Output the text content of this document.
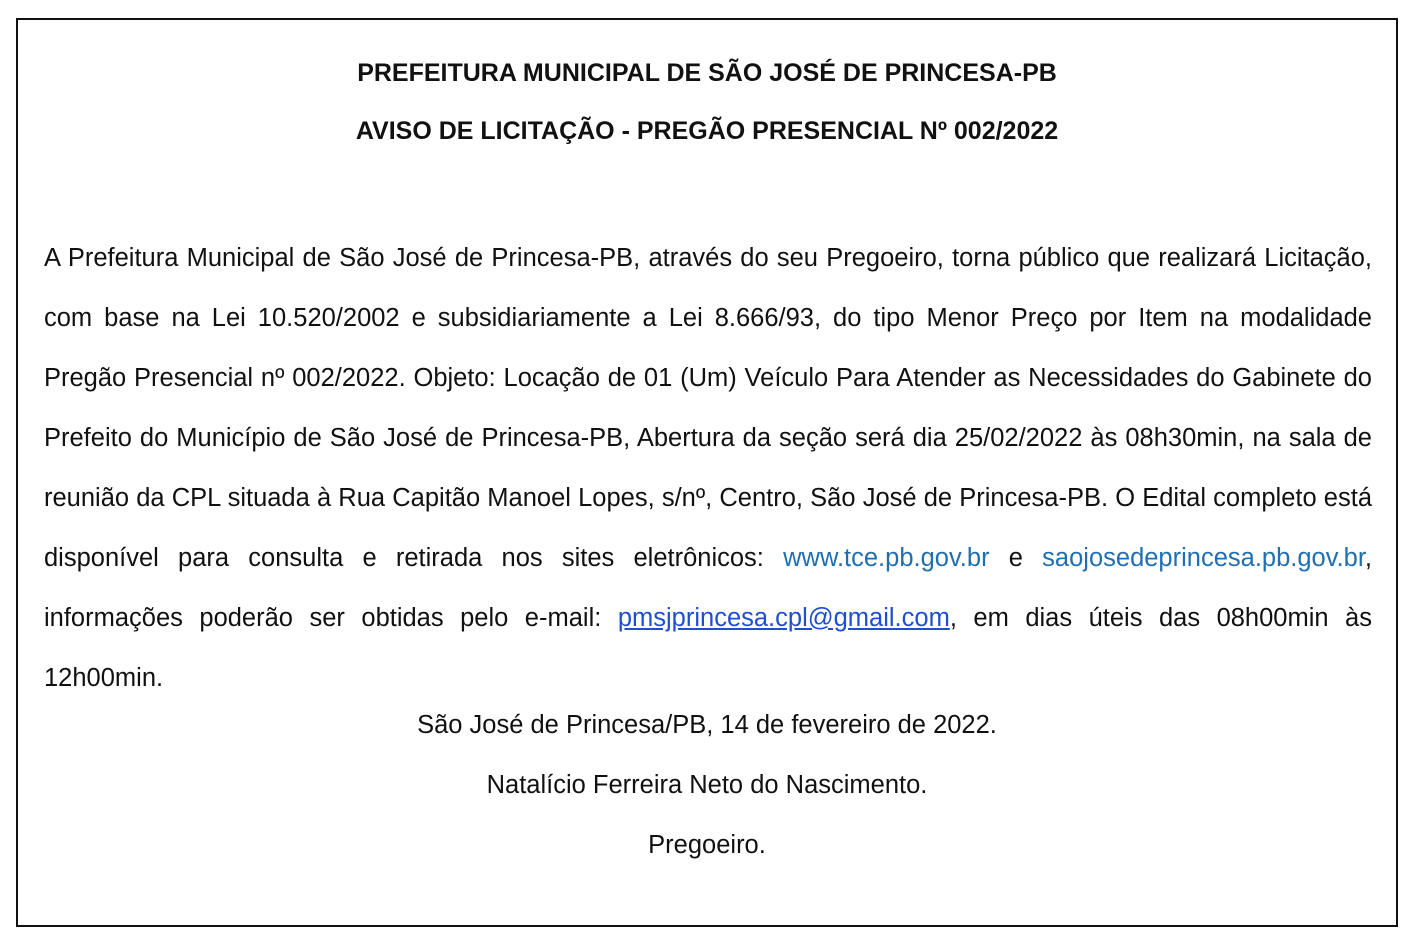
PREFEITURA MUNICIPAL DE SÃO JOSÉ DE PRINCESA-PB

AVISO DE LICITAÇÃO - PREGÃO PRESENCIAL Nº 002/2022

A Prefeitura Municipal de São José de Princesa-PB, através do seu Pregoeiro, torna público que realizará Licitação, com base na Lei 10.520/2002 e subsidiariamente a Lei 8.666/93, do tipo Menor Preço por Item na modalidade Pregão Presencial nº 002/2022. Objeto: Locação de 01 (Um) Veículo Para Atender as Necessidades do Gabinete do Prefeito do Município de São José de Princesa-PB, Abertura da seção será dia 25/02/2022 às 08h30min, na sala de reunião da CPL situada à Rua Capitão Manoel Lopes, s/nº, Centro, São José de Princesa-PB. O Edital completo está disponível para consulta e retirada nos sites eletrônicos: www.tce.pb.gov.br e saojosedeprincesa.pb.gov.br, informações poderão ser obtidas pelo e-mail: pmsjprincesa.cpl@gmail.com, em dias úteis das 08h00min às 12h00min.

São José de Princesa/PB, 14 de fevereiro de 2022.

Natalício Ferreira Neto do Nascimento.

Pregoeiro.
